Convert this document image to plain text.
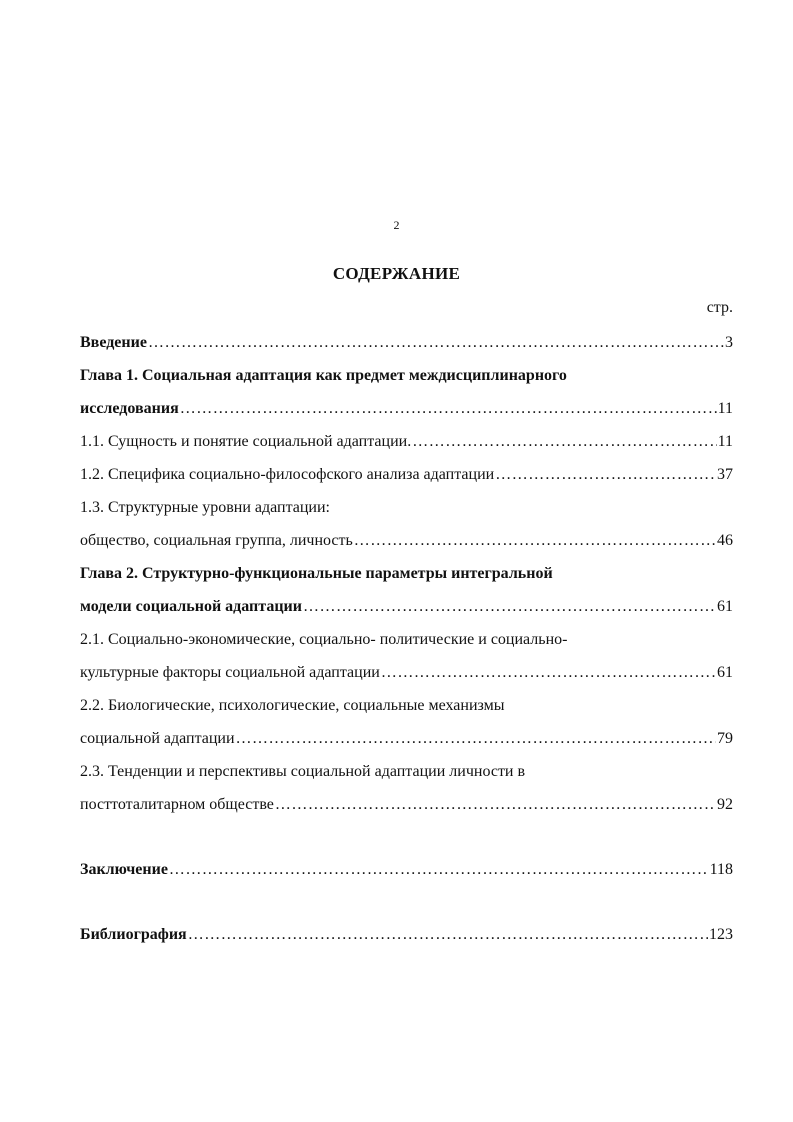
2
СОДЕРЖАНИЕ
стр.
Введение …………………………………………………………………………………………………………………………………………………………	3
Глава 1. Социальная адаптация как предмет междисциплинарного
исследования …………………………………………………………………………………………………………………………………………………………	11
1.1. Сущность и понятие социальной адаптации. …………………………………………………………………………………………………………………………………………………………	11
1.2. Специфика социально-философского анализа адаптации …………………………………………………………………………………………………………………………………………………………	37
1.3. Структурные уровни адаптации:
общество, социальная группа, личность …………………………………………………………………………………………………………………………………………………………	46
Глава 2. Структурно-функциональные параметры интегральной
модели социальной адаптации …………………………………………………………………………………………………………………………………………………………	61
2.1. Социально-экономические, социально- политические и социально-
культурные факторы социальной адаптации …………………………………………………………………………………………………………………………………………………………	61
2.2. Биологические, психологические, социальные механизмы
социальной адаптации …………………………………………………………………………………………………………………………………………………………	79
2.3. Тенденции и перспективы социальной адаптации личности в
посттоталитарном обществе …………………………………………………………………………………………………………………………………………………………	92
Заключение …………………………………………………………………………………………………………………………………………………………	118
Библиография …………………………………………………………………………………………………………………………………………………………	123
